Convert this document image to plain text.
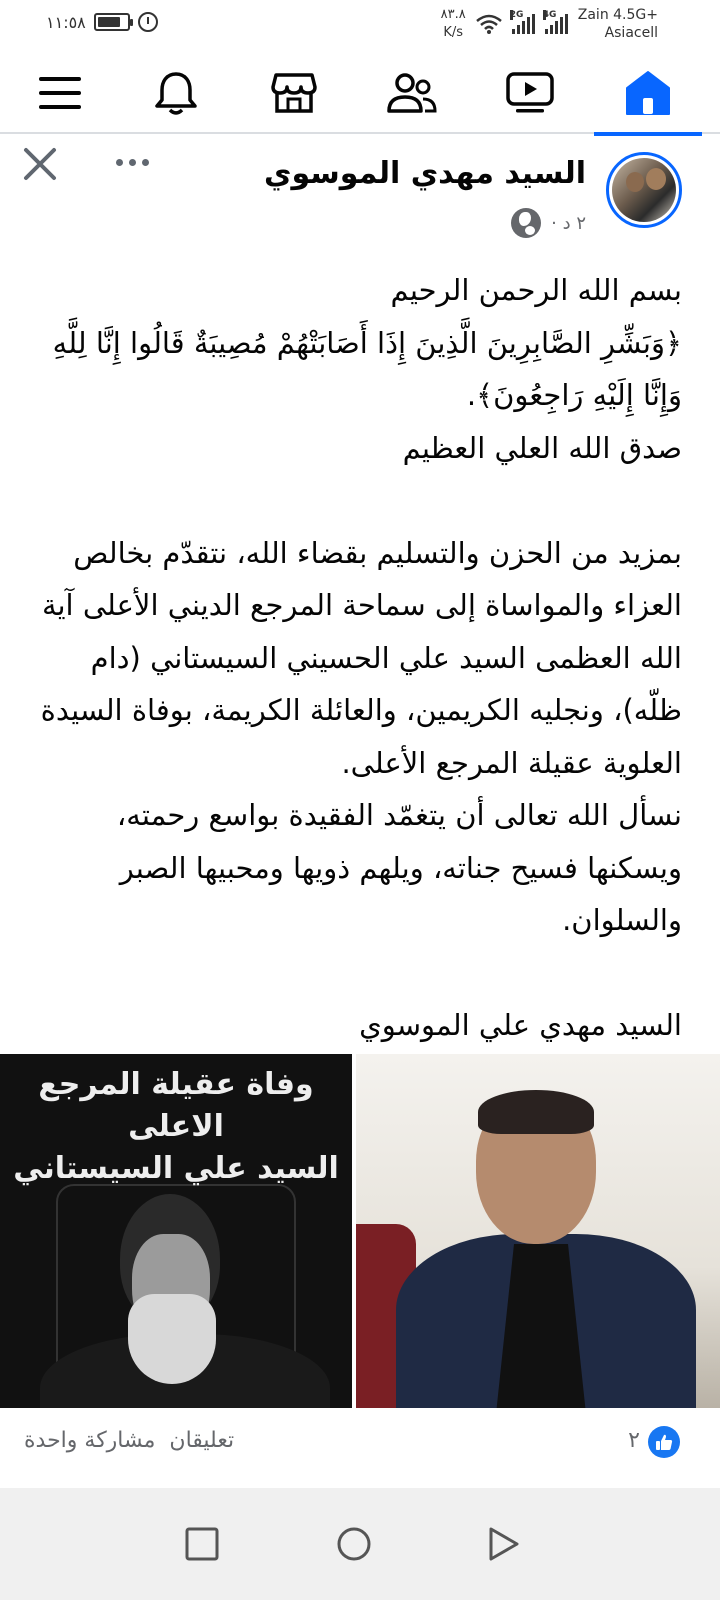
١١:٥٨	٨٣.٨
K/s
2G 4G Zain 4.5G+
Asiacell
السيد مهدي الموسوي
٢ د ·

بسم الله الرحمن الرحيم

﴿وَبَشِّرِ الصَّابِرِينَ الَّذِينَ إِذَا أَصَابَتْهُمْ مُصِيبَةٌ قَالُوا إِنَّا لِلَّهِ وَإِنَّا إِلَيْهِ رَاجِعُونَ﴾.

صدق الله العلي العظيم

بمزيد من الحزن والتسليم بقضاء الله، نتقدّم بخالص العزاء والمواساة إلى سماحة المرجع الديني الأعلى آية الله العظمى السيد علي الحسيني السيستاني (دام ظلّه)، ونجليه الكريمين، والعائلة الكريمة، بوفاة السيدة العلوية عقيلة المرجع الأعلى.

نسأل الله تعالى أن يتغمّد الفقيدة بواسع رحمته، ويسكنها فسيح جناته، ويلهم ذويها ومحبيها الصبر والسلوان.

السيد مهدي علي الموسوي

وفاة عقيلة المرجع الاعلى
السيد علي السيستاني
٢
تعليقان
مشاركة واحدة
